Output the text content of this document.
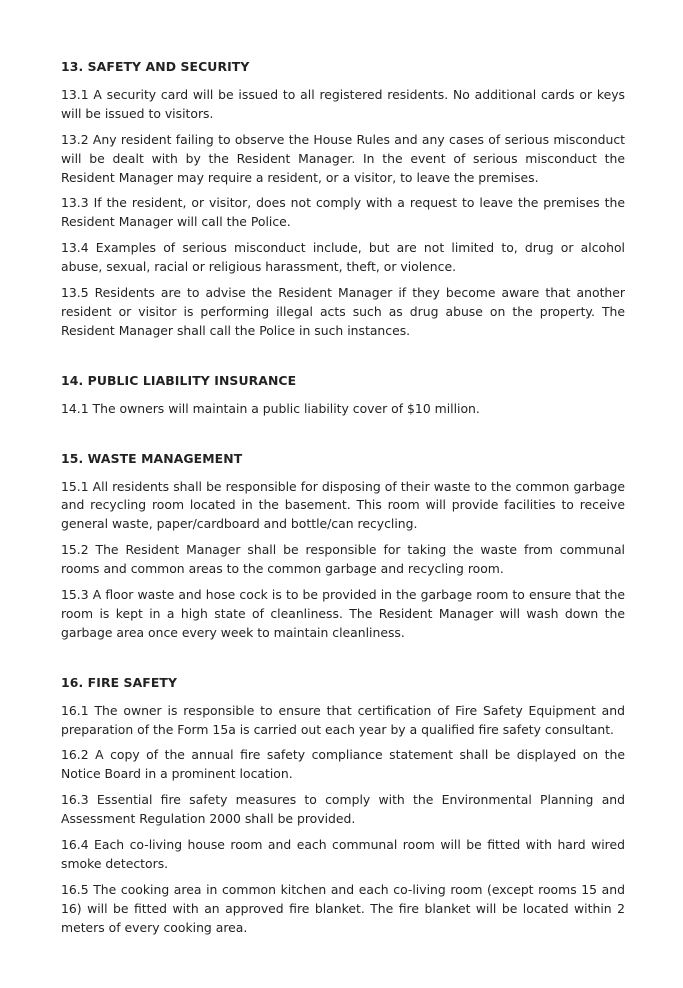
13. SAFETY AND SECURITY

13.1 A security card will be issued to all registered residents. No additional cards or keys will be issued to visitors.

13.2 Any resident failing to observe the House Rules and any cases of serious misconduct will be dealt with by the Resident Manager. In the event of serious misconduct the Resident Manager may require a resident, or a visitor, to leave the premises.

13.3 If the resident, or visitor, does not comply with a request to leave the premises the Resident Manager will call the Police.

13.4 Examples of serious misconduct include, but are not limited to, drug or alcohol abuse, sexual, racial or religious harassment, theft, or violence.

13.5 Residents are to advise the Resident Manager if they become aware that another resident or visitor is performing illegal acts such as drug abuse on the property. The Resident Manager shall call the Police in such instances.

14. PUBLIC LIABILITY INSURANCE

14.1 The owners will maintain a public liability cover of $10 million.

15. WASTE MANAGEMENT

15.1 All residents shall be responsible for disposing of their waste to the common garbage and recycling room located in the basement. This room will provide facilities to receive general waste, paper/cardboard and bottle/can recycling.

15.2 The Resident Manager shall be responsible for taking the waste from communal rooms and common areas to the common garbage and recycling room.

15.3 A floor waste and hose cock is to be provided in the garbage room to ensure that the room is kept in a high state of cleanliness. The Resident Manager will wash down the garbage area once every week to maintain cleanliness.

16. FIRE SAFETY

16.1 The owner is responsible to ensure that certification of Fire Safety Equipment and preparation of the Form 15a is carried out each year by a qualified fire safety consultant.

16.2 A copy of the annual fire safety compliance statement shall be displayed on the Notice Board in a prominent location.

16.3 Essential fire safety measures to comply with the Environmental Planning and Assessment Regulation 2000 shall be provided.

16.4 Each co-living house room and each communal room will be fitted with hard wired smoke detectors.

16.5 The cooking area in common kitchen and each co-living room (except rooms 15 and 16) will be fitted with an approved fire blanket. The fire blanket will be located within 2 meters of every cooking area.
